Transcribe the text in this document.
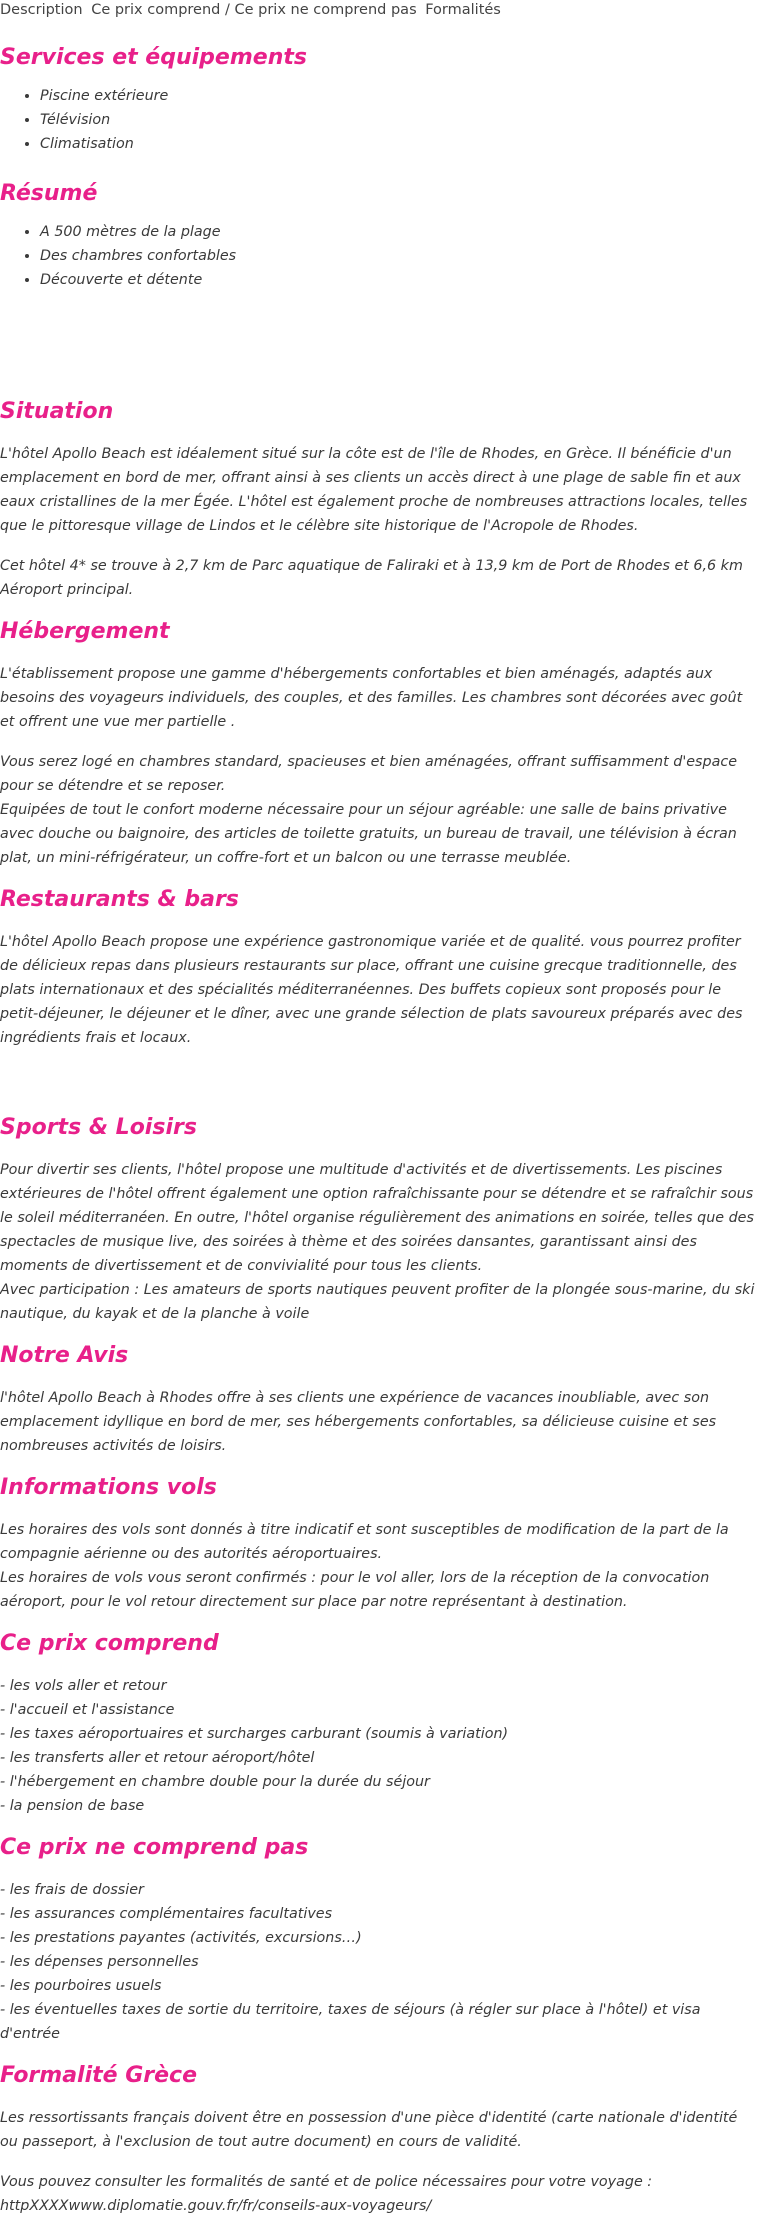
Description Ce prix comprend / Ce prix ne comprend pas Formalités
Services et équipements
• Piscine extérieure
• Télévision
• Climatisation
Résumé
• A 500 mètres de la plage
• Des chambres confortables
• Découverte et détente
Situation

L'hôtel Apollo Beach est idéalement situé sur la côte est de l'île de Rhodes, en Grèce. Il bénéficie d'un emplacement en bord de mer, offrant ainsi à ses clients un accès direct à une plage de sable fin et aux eaux cristallines de la mer Égée. L'hôtel est également proche de nombreuses attractions locales, telles que le pittoresque village de Lindos et le célèbre site historique de l'Acropole de Rhodes.

Cet hôtel 4* se trouve à 2,7 km de Parc aquatique de Faliraki et à 13,9 km de Port de Rhodes et 6,6 km Aéroport principal.

Hébergement

L'établissement propose une gamme d'hébergements confortables et bien aménagés, adaptés aux besoins des voyageurs individuels, des couples, et des familles. Les chambres sont décorées avec goût et offrent une vue mer partielle .

Vous serez logé en chambres standard, spacieuses et bien aménagées, offrant suffisamment d'espace pour se détendre et se reposer.
Equipées de tout le confort moderne nécessaire pour un séjour agréable: une salle de bains privative avec douche ou baignoire, des articles de toilette gratuits, un bureau de travail, une télévision à écran plat, un mini-réfrigérateur, un coffre-fort et un balcon ou une terrasse meublée.

Restaurants & bars

L'hôtel Apollo Beach propose une expérience gastronomique variée et de qualité. vous pourrez profiter de délicieux repas dans plusieurs restaurants sur place, offrant une cuisine grecque traditionnelle, des plats internationaux et des spécialités méditerranéennes. Des buffets copieux sont proposés pour le petit-déjeuner, le déjeuner et le dîner, avec une grande sélection de plats savoureux préparés avec des ingrédients frais et locaux.

Sports & Loisirs

Pour divertir ses clients, l'hôtel propose une multitude d'activités et de divertissements. Les piscines extérieures de l'hôtel offrent également une option rafraîchissante pour se détendre et se rafraîchir sous le soleil méditerranéen. En outre, l'hôtel organise régulièrement des animations en soirée, telles que des spectacles de musique live, des soirées à thème et des soirées dansantes, garantissant ainsi des moments de divertissement et de convivialité pour tous les clients.
Avec participation : Les amateurs de sports nautiques peuvent profiter de la plongée sous-marine, du ski nautique, du kayak et de la planche à voile

Notre Avis

l'hôtel Apollo Beach à Rhodes offre à ses clients une expérience de vacances inoubliable, avec son emplacement idyllique en bord de mer, ses hébergements confortables, sa délicieuse cuisine et ses nombreuses activités de loisirs.

Informations vols

Les horaires des vols sont donnés à titre indicatif et sont susceptibles de modification de la part de la compagnie aérienne ou des autorités aéroportuaires.
Les horaires de vols vous seront confirmés : pour le vol aller, lors de la réception de la convocation aéroport, pour le vol retour directement sur place par notre représentant à destination.

Ce prix comprend
- les vols aller et retour
- l'accueil et l'assistance
- les taxes aéroportuaires et surcharges carburant (soumis à variation)
- les transferts aller et retour aéroport/hôtel
- l'hébergement en chambre double pour la durée du séjour
- la pension de base
Ce prix ne comprend pas
- les frais de dossier
- les assurances complémentaires facultatives
- les prestations payantes (activités, excursions…)
- les dépenses personnelles
- les pourboires usuels
- les éventuelles taxes de sortie du territoire, taxes de séjours (à régler sur place à l'hôtel) et visa d'entrée
Formalité Grèce

Les ressortissants français doivent être en possession d'une pièce d'identité (carte nationale d'identité ou passeport, à l'exclusion de tout autre document) en cours de validité.

Vous pouvez consulter les formalités de santé et de police nécessaires pour votre voyage :
httpXXXXwww.diplomatie.gouv.fr/fr/conseils-aux-voyageurs/
